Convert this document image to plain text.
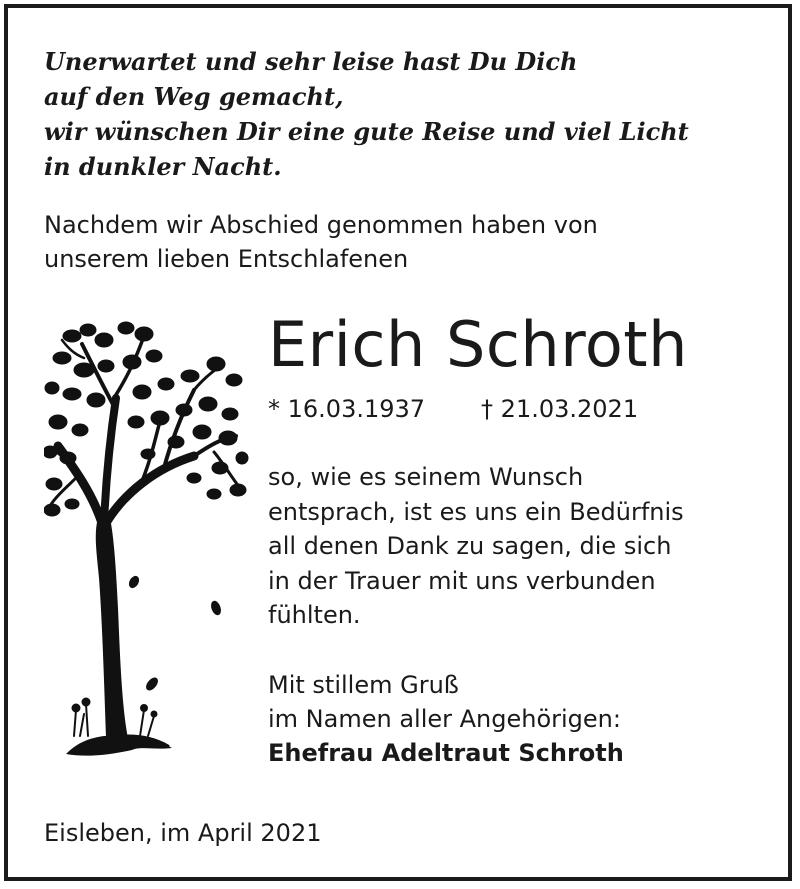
Unerwartet und sehr leise hast Du Dich
auf den Weg gemacht,
wir wünschen Dir eine gute Reise und viel Licht
in dunkler Nacht.
Nachdem wir Abschied genommen haben von
unserem lieben Entschlafenen
Erich Schroth
* 16.03.1937 † 21.03.2021
so, wie es seinem Wunsch
entsprach, ist es uns ein Bedürfnis
all denen Dank zu sagen, die sich
in der Trauer mit uns verbunden
fühlten.
Mit stillem Gruß
im Namen aller Angehörigen:
Ehefrau Adeltraut Schroth
Eisleben, im April 2021
